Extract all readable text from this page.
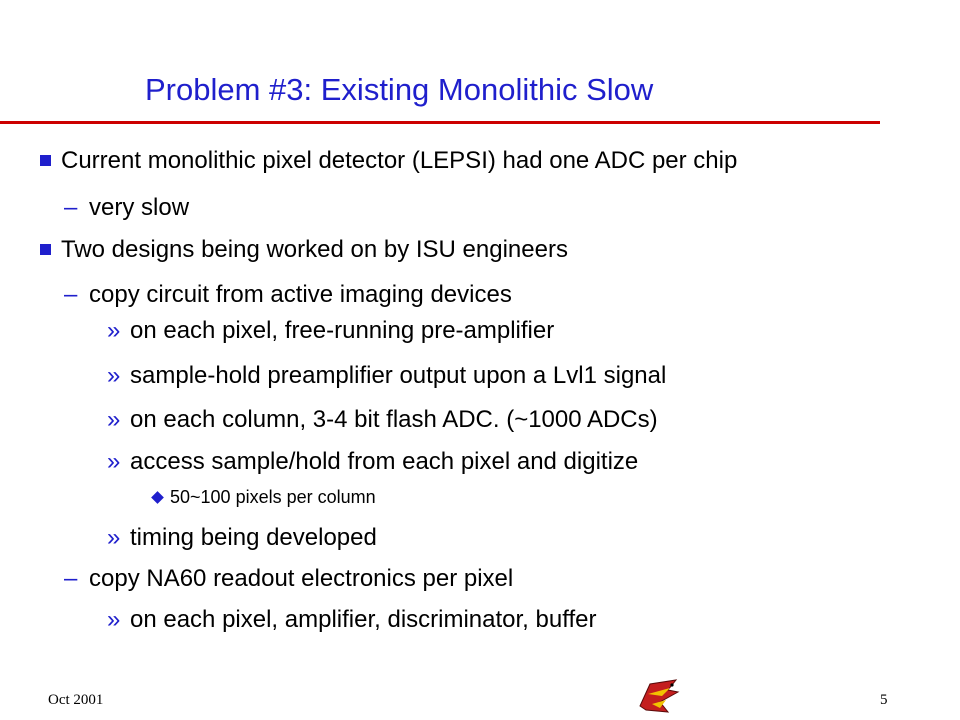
Problem #3: Existing Monolithic Slow
Current monolithic pixel detector (LEPSI) had one ADC per chip
– very slow
Two designs being worked on by ISU engineers
– copy circuit from active imaging devices
» on each pixel, free-running pre-amplifier
» sample-hold preamplifier output upon a Lvl1 signal
» on each column, 3-4 bit flash ADC. (~1000 ADCs)
» access sample/hold from each pixel and digitize
50~100 pixels per column
» timing being developed
– copy NA60 readout electronics per pixel
» on each pixel, amplifier, discriminator, buffer
Oct 2001	5
